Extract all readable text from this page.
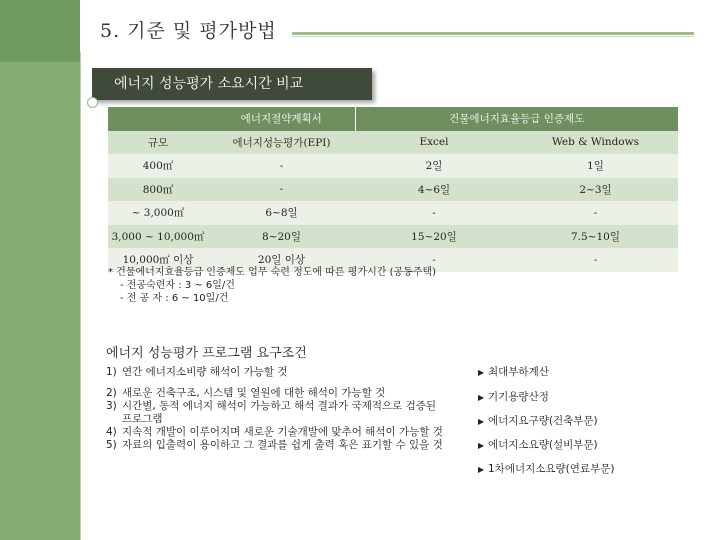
5. 기준 및 평가방법
에너지 성능평가 소요시간 비교
	에너지절약계획서	건물에너지효율등급 인증제도	
규모	에너지성능평가(EPI)	Excel	Web & Windows
400㎡	-	2일	1일
800㎡	-	4~6일	2~3일
~ 3,000㎡	6~8일	-	-
3,000 ~ 10,000㎡	8~20일	15~20일	7.5~10일
10,000㎡ 이상	20일 이상	-	-
* 건물에너지효율등급 인증제도 업무 숙련 정도에 따른 평가시간 (공동주택)
- 전공숙련자 : 3 ~ 6일/건
- 전 공 자 : 6 ~ 10일/건
에너지 성능평가 프로그램 요구조건
1) 연간 에너지소비량 해석이 가능할 것
2) 새로운 건축구조, 시스템 및 열원에 대한 해석이 가능할 것
3) 시간별, 동적 에너지 해석이 가능하고 해석 결과가 국제적으로 검증된 프로그램
4) 지속적 개발이 이루어지며 새로운 기술개발에 맞추어 해석이 가능할 것
5) 자료의 입출력이 용이하고 그 결과를 쉽게 출력 혹은 표기할 수 있을 것
▶ 최대부하계산
▶ 기기용량산정
▶ 에너지요구량(건축부문)
▶ 에너지소요량(설비부문)
▶ 1차에너지소요량(연료부문)
